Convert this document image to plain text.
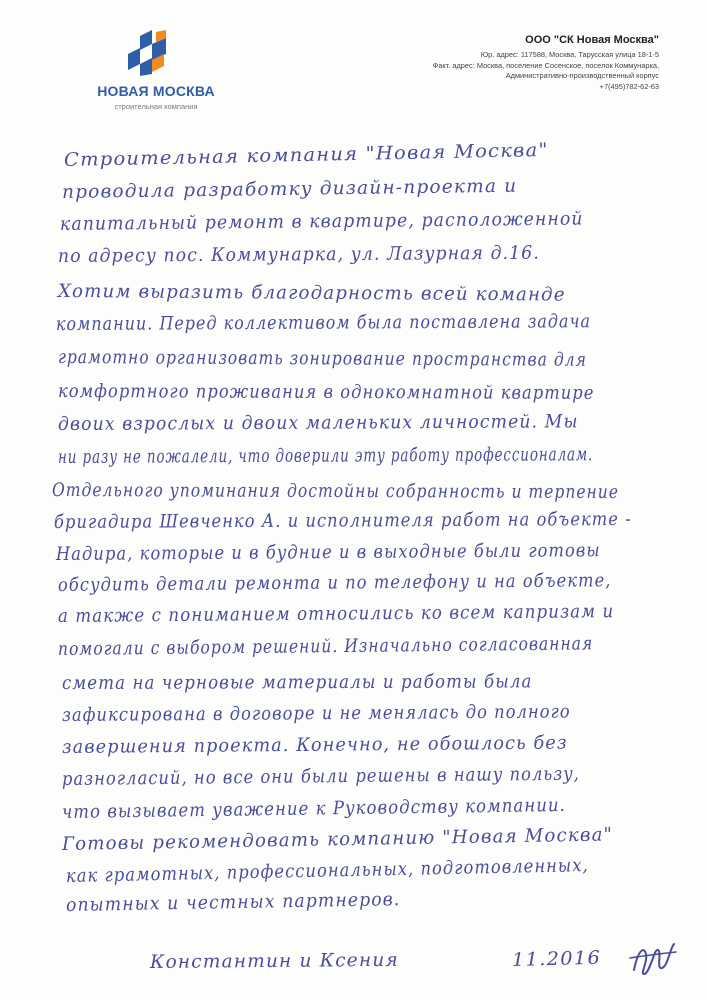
НОВАЯ МОСКВА
строительная компания
ООО "СК Новая Москва"
Юр. адрес: 117588, Москва, Тарусская улица 18-1-5
Факт. адрес: Москва, поселение Сосенское, поселок Коммунарка,
Административно-производственный корпус
+7(495)782-62-63
Строительная компания "Новая Москва"
проводила разработку дизайн-проекта и
капитальный ремонт в квартире, расположенной
по адресу пос. Коммунарка, ул. Лазурная д.16.
Хотим выразить благодарность всей команде
компании. Перед коллективом была поставлена задача
грамотно организовать зонирование пространства для
комфортного проживания в однокомнатной квартире
двоих взрослых и двоих маленьких личностей. Мы
ни разу не пожалели, что доверили эту работу профессионалам.
Отдельного упоминания достойны собранность и терпение
бригадира Шевченко А. и исполнителя работ на объекте -
Надира, которые и в будние и в выходные были готовы
обсудить детали ремонта и по телефону и на объекте,
а также с пониманием относились ко всем капризам и
помогали с выбором решений. Изначально согласованная
смета на черновые материалы и работы была
зафиксирована в договоре и не менялась до полного
завершения проекта. Конечно, не обошлось без
разногласий, но все они были решены в нашу пользу,
что вызывает уважение к Руководству компании.
Готовы рекомендовать компанию "Новая Москва"
как грамотных, профессиональных, подготовленных,
опытных и честных партнеров.
Константин и Ксения	11.2016
